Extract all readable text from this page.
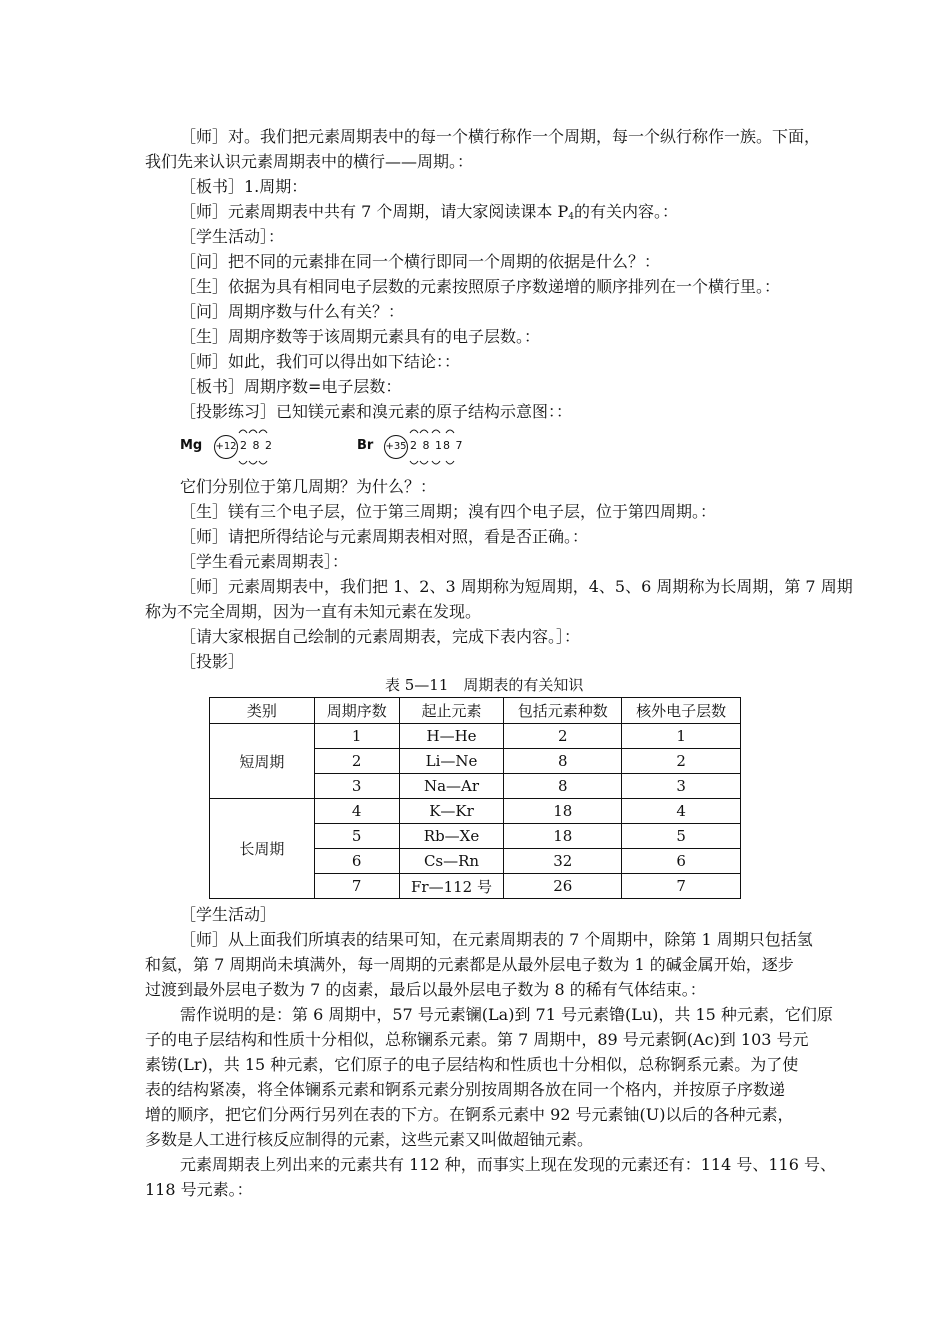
［师］对。我们把元素周期表中的每一个横行称作一个周期，每一个纵行称作一族。下面，
我们先来认识元素周期表中的横行——周期。：
［板书］1.周期：
［师］元素周期表中共有 7 个周期，请大家阅读课本 $P_4$的有关内容。：
［学生活动］：
［问］把不同的元素排在同一个横行即同一个周期的依据是什么？：
［生］依据为具有相同电子层数的元素按照原子序数递增的顺序排列在一个横行里。：
［问］周期序数与什么有关？：
［生］周期序数等于该周期元素具有的电子层数。：
［师］如此，我们可以得出如下结论：：
［板书］周期序数=电子层数：
［投影练习］已知镁元素和溴元素的原子结构示意图：：
Mg +12 2 8 2	Br +35 2 8 18 7
它们分别位于第几周期？为什么？：
［生］镁有三个电子层，位于第三周期；溴有四个电子层，位于第四周期。：
［师］请把所得结论与元素周期表相对照，看是否正确。：
［学生看元素周期表］：
［师］元素周期表中，我们把 1、2、3 周期称为短周期，4、5、6 周期称为长周期，第 7 周期
称为不完全周期，因为一直有未知元素在发现。
［请大家根据自己绘制的元素周期表，完成下表内容。］：
［投影］
表 5—11　周期表的有关知识
类别	周期序数	起止元素	包括元素种数	核外电子层数
短周期	1	H—He	2	1
	2	Li—Ne	8	2
	3	Na—Ar	8	3
长周期	4	K—Kr	18	4
	5	Rb—Xe	18	5
	6	Cs—Rn	32	6
	7	Fr—112 号	26	7
［学生活动］
［师］从上面我们所填表的结果可知，在元素周期表的 7 个周期中，除第 1 周期只包括氢
和氦，第 7 周期尚未填满外，每一周期的元素都是从最外层电子数为 1 的碱金属开始，逐步
过渡到最外层电子数为 7 的卤素，最后以最外层电子数为 8 的稀有气体结束。：
需作说明的是：第 6 周期中，57 号元素镧(La)到 71 号元素镥(Lu)，共 15 种元素，它们原
子的电子层结构和性质十分相似，总称镧系元素。第 7 周期中，89 号元素锕(Ac)到 103 号元
素铹(Lr)，共 15 种元素，它们原子的电子层结构和性质也十分相似，总称锕系元素。为了使
表的结构紧凑，将全体镧系元素和锕系元素分别按周期各放在同一个格内，并按原子序数递
增的顺序，把它们分两行另列在表的下方。在锕系元素中 92 号元素铀(U)以后的各种元素，
多数是人工进行核反应制得的元素，这些元素又叫做超铀元素。
元素周期表上列出来的元素共有 112 种，而事实上现在发现的元素还有：114 号、116 号、
118 号元素。：
